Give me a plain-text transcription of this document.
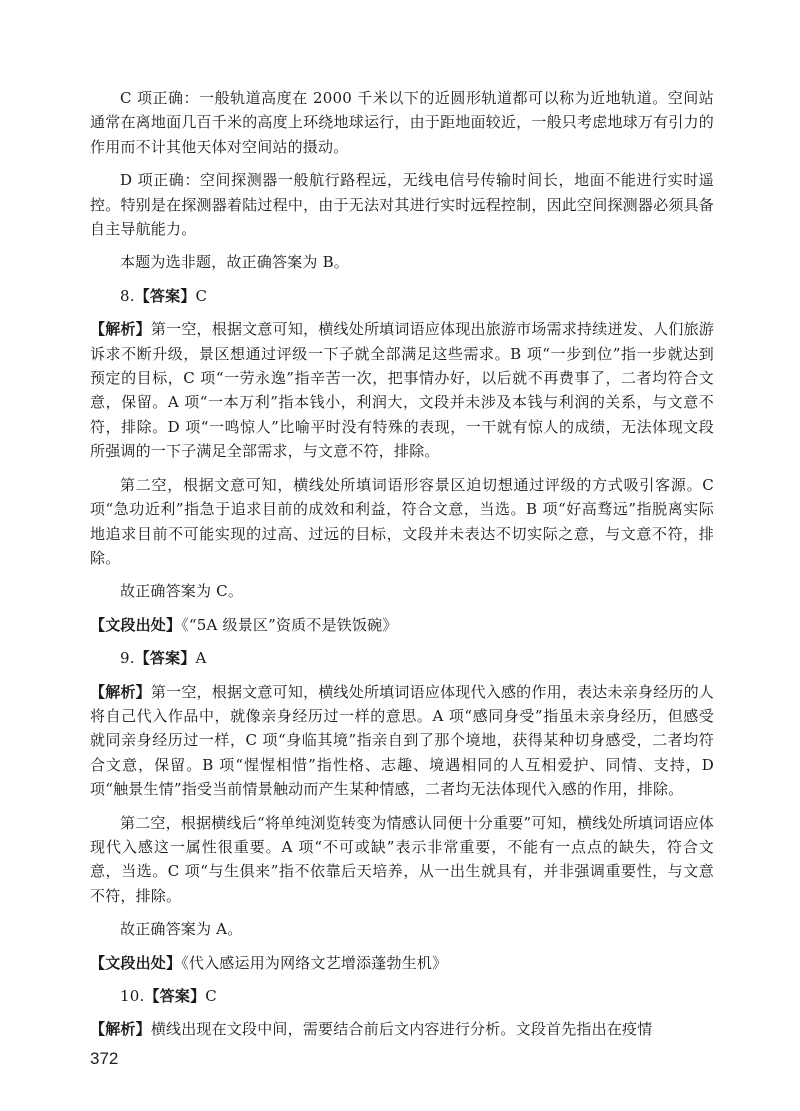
C 项正确：一般轨道高度在 2000 千米以下的近圆形轨道都可以称为近地轨道。空间站通常在离地面几百千米的高度上环绕地球运行，由于距地面较近，一般只考虑地球万有引力的作用而不计其他天体对空间站的摄动。

D 项正确：空间探测器一般航行路程远，无线电信号传输时间长，地面不能进行实时遥控。特别是在探测器着陆过程中，由于无法对其进行实时远程控制，因此空间探测器必须具备自主导航能力。

本题为选非题，故正确答案为 B。

8.【答案】C

【解析】第一空，根据文意可知，横线处所填词语应体现出旅游市场需求持续迸发、人们旅游诉求不断升级，景区想通过评级一下子就全部满足这些需求。B 项“一步到位”指一步就达到预定的目标，C 项“一劳永逸”指辛苦一次，把事情办好，以后就不再费事了，二者均符合文意，保留。A 项“一本万利”指本钱小，利润大，文段并未涉及本钱与利润的关系，与文意不符，排除。D 项“一鸣惊人”比喻平时没有特殊的表现，一干就有惊人的成绩，无法体现文段所强调的一下子满足全部需求，与文意不符，排除。

第二空，根据文意可知，横线处所填词语形容景区迫切想通过评级的方式吸引客源。C 项“急功近利”指急于追求目前的成效和利益，符合文意，当选。B 项“好高骛远”指脱离实际地追求目前不可能实现的过高、过远的目标，文段并未表达不切实际之意，与文意不符，排除。

故正确答案为 C。

【文段出处】《“5A 级景区”资质不是铁饭碗》

9.【答案】A

【解析】第一空，根据文意可知，横线处所填词语应体现代入感的作用，表达未亲身经历的人将自己代入作品中，就像亲身经历过一样的意思。A 项“感同身受”指虽未亲身经历，但感受就同亲身经历过一样，C 项“身临其境”指亲自到了那个境地，获得某种切身感受，二者均符合文意，保留。B 项“惺惺相惜”指性格、志趣、境遇相同的人互相爱护、同情、支持，D 项“触景生情”指受当前情景触动而产生某种情感，二者均无法体现代入感的作用，排除。

第二空，根据横线后“将单纯浏览转变为情感认同便十分重要”可知，横线处所填词语应体现代入感这一属性很重要。A 项“不可或缺”表示非常重要，不能有一点点的缺失，符合文意，当选。C 项“与生俱来”指不依靠后天培养，从一出生就具有，并非强调重要性，与文意不符，排除。

故正确答案为 A。

【文段出处】《代入感运用为网络文艺增添蓬勃生机》

10.【答案】C

【解析】横线出现在文段中间，需要结合前后文内容进行分析。文段首先指出在疫情

372
